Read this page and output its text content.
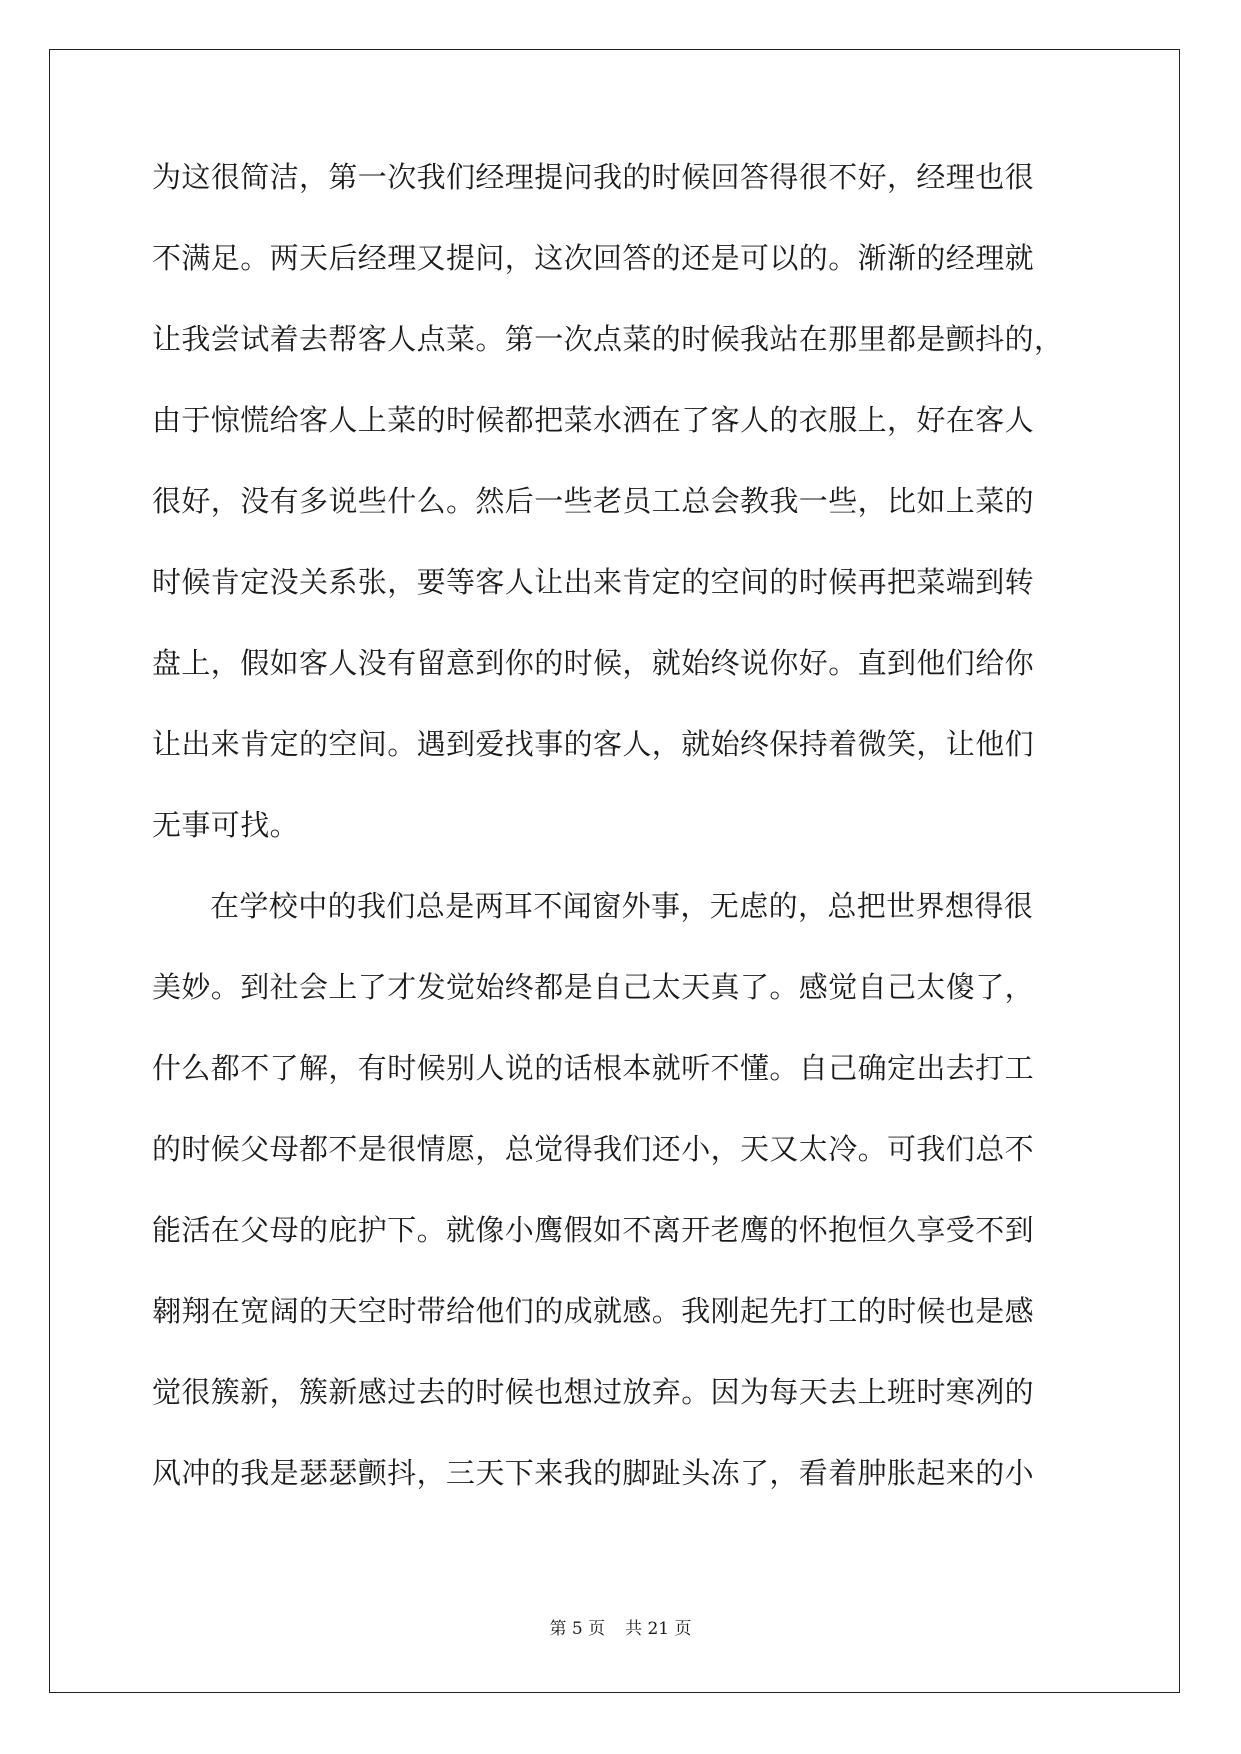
为这很简洁，第一次我们经理提问我的时候回答得很不好，经理也很
不满足。两天后经理又提问，这次回答的还是可以的。渐渐的经理就
让我尝试着去帮客人点菜。第一次点菜的时候我站在那里都是颤抖的，
由于惊慌给客人上菜的时候都把菜水洒在了客人的衣服上，好在客人
很好，没有多说些什么。然后一些老员工总会教我一些，比如上菜的
时候肯定没关系张，要等客人让出来肯定的空间的时候再把菜端到转
盘上，假如客人没有留意到你的时候，就始终说你好。直到他们给你
让出来肯定的空间。遇到爱找事的客人，就始终保持着微笑，让他们
无事可找。
在学校中的我们总是两耳不闻窗外事，无虑的，总把世界想得很
美妙。到社会上了才发觉始终都是自己太天真了。感觉自己太傻了，
什么都不了解，有时候别人说的话根本就听不懂。自己确定出去打工
的时候父母都不是很情愿，总觉得我们还小，天又太冷。可我们总不
能活在父母的庇护下。就像小鹰假如不离开老鹰的怀抱恒久享受不到
翱翔在宽阔的天空时带给他们的成就感。我刚起先打工的时候也是感
觉很簇新，簇新感过去的时候也想过放弃。因为每天去上班时寒冽的
风冲的我是瑟瑟颤抖，三天下来我的脚趾头冻了，看着肿胀起来的小
第 5 页 共 21 页
